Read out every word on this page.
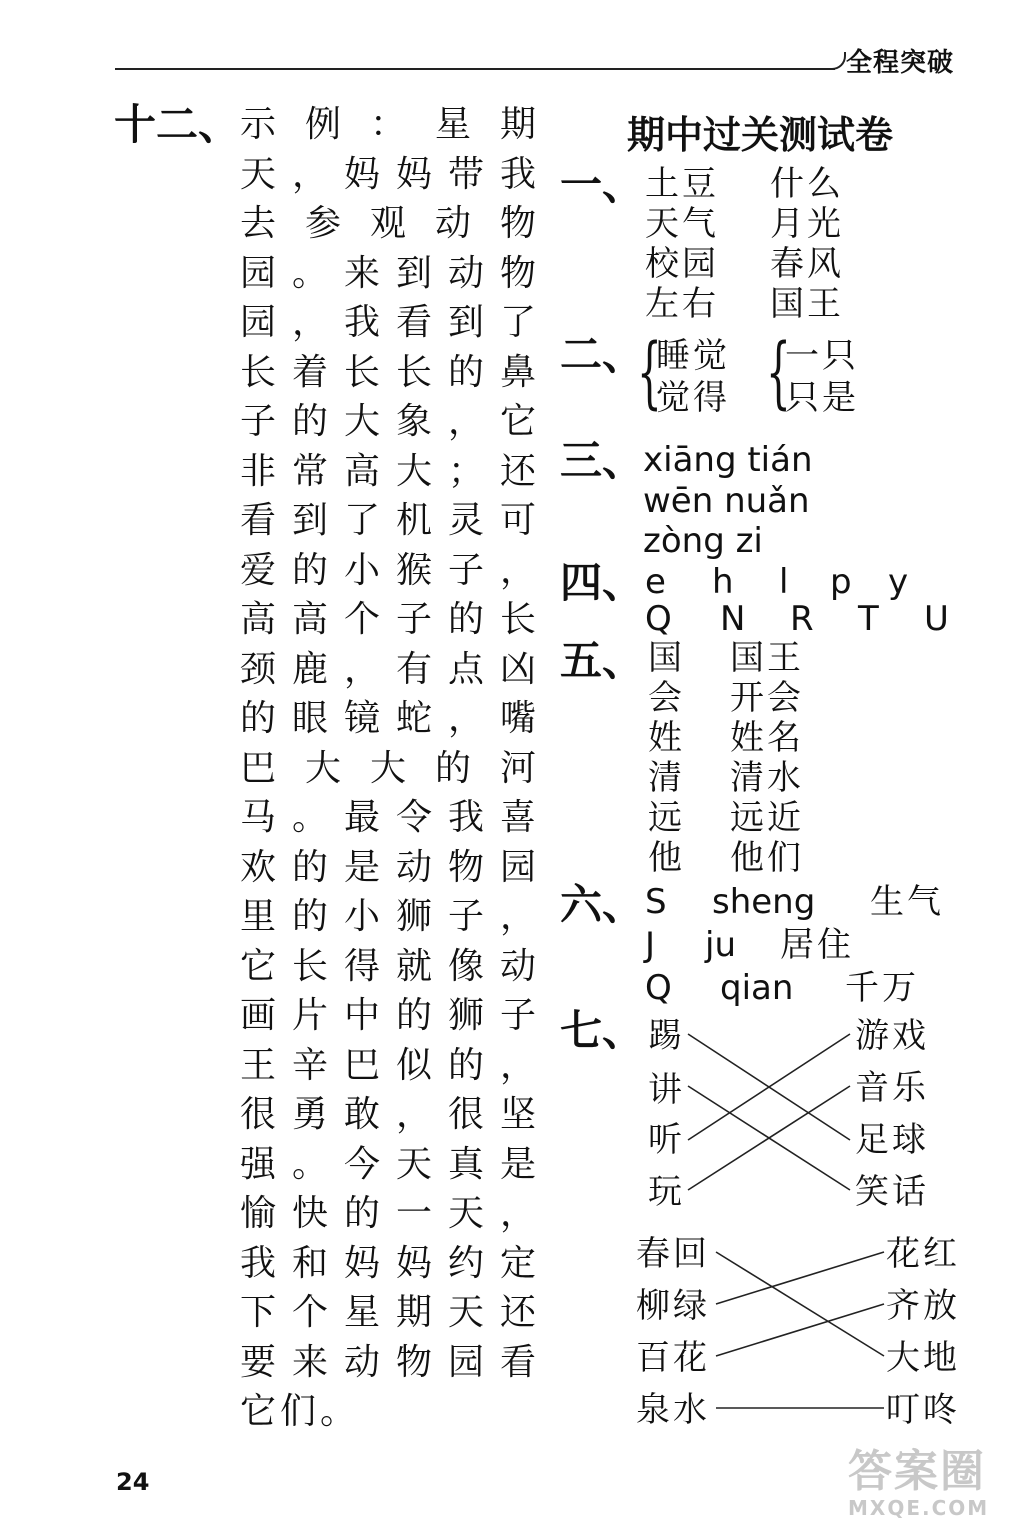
全程突破
十二、 示例：星期
天，妈妈带我
去参观动物
园。来到动物
园，我看到了
长着长长的鼻
子的大象，它
非常高大；还
看到了机灵可
爱的小猴子，
高高个子的长
颈鹿，有点凶
的眼镜蛇，嘴
巴大大的河
马。最令我喜
欢的是动物园
里的小狮子，
它长得就像动
画片中的狮子
王辛巴似的，
很勇敢，很坚
强。今天真是
愉快的一天，
我和妈妈约定
下个星期天还
要来动物园看
它们。
期中过关测试卷
一、 土豆 什么
天气 月光
校园 春风
左右 国王
二、
{
睡觉
觉得 {
一只
只是
三、
xiāng tián
wēn nuǎn
zòng zi
四、 e h l p y
Q N R T U
五、 国 国王
会 开会
姓 姓名
清 清水
远 远近
他 他们
六、 S sheng 生气
J ju 居住
Q qian 千万
七、 踢
讲
听
玩
游戏
音乐
足球
笑话
春回
柳绿
百花
泉水
花红
齐放
大地
叮咚
24	答案圈
MXQE.COM
